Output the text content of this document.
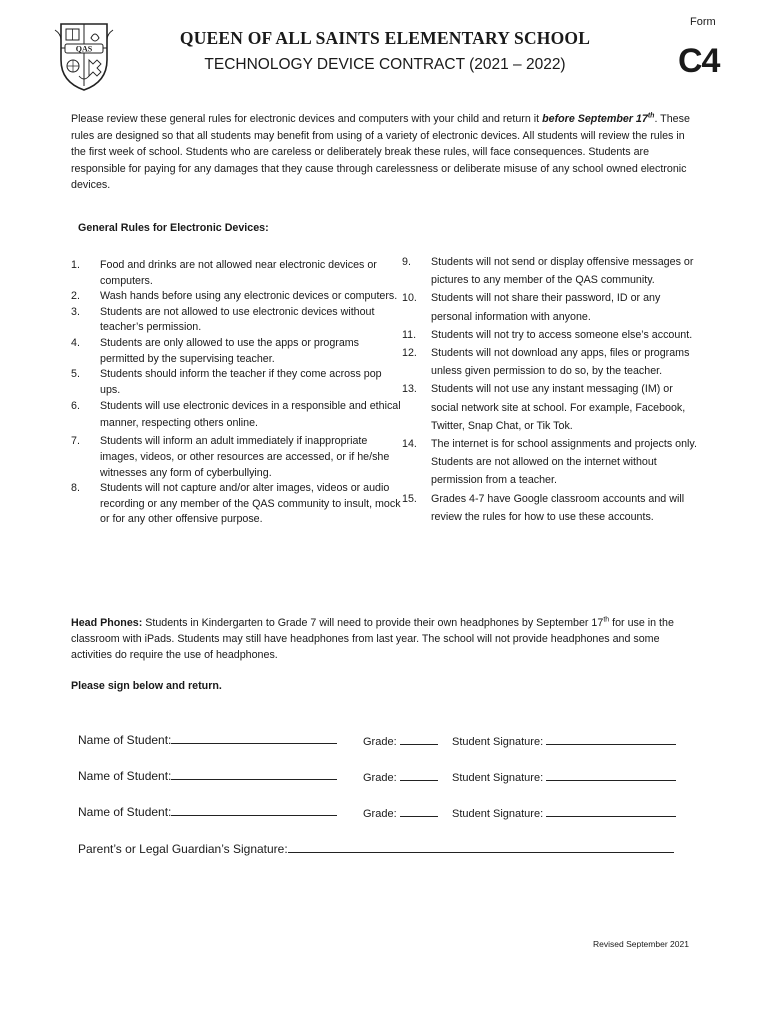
QAS
QUEEN OF ALL SAINTS ELEMENTARY SCHOOL
TECHNOLOGY DEVICE CONTRACT (2021 – 2022)
Form
C4
Please review these general rules for electronic devices and computers with your child and return it before September 17th. These rules are designed so that all students may benefit from using of a variety of electronic devices. All students will review the rules in the first week of school. Students who are careless or deliberately break these rules, will face consequences. Students are responsible for paying for any damages that they cause through carelessness or deliberate misuse of any school owned electronic devices.
General Rules for Electronic Devices:
1.	Food and drinks are not allowed near electronic devices or computers.
2.	Wash hands before using any electronic devices or computers.
3.	Students are not allowed to use electronic devices without teacher’s permission.
4.	Students are only allowed to use the apps or programs permitted by the supervising teacher.
5.	Students should inform the teacher if they come across pop ups.
6.	Students will use electronic devices in a responsible and ethical manner, respecting others online.
7.	Students will inform an adult immediately if inappropriate images, videos, or other resources are accessed, or if he/she witnesses any form of cyberbullying.
8.	Students will not capture and/or alter images, videos or audio recording or any member of the QAS community to insult, mock or for any other offensive purpose.
9.	Students will not send or display offensive messages or pictures to any member of the QAS community.
10.	Students will not share their password, ID or any personal information with anyone.
11.	Students will not try to access someone else’s account.
12.	Students will not download any apps, files or programs unless given permission to do so, by the teacher.
13.	Students will not use any instant messaging (IM) or social network site at school. For example, Facebook, Twitter, Snap Chat, or Tik Tok.
14.	The internet is for school assignments and projects only. Students are not allowed on the internet without permission from a teacher.
15.	Grades 4-7 have Google classroom accounts and will review the rules for how to use these accounts.
Head Phones: Students in Kindergarten to Grade 7 will need to provide their own headphones by September 17th for use in the classroom with iPads. Students may still have headphones from last year. The school will not provide headphones and some activities do require the use of headphones.
Please sign below and return.
Name of Student:	Grade:	Student Signature:
Name of Student:	Grade:	Student Signature:
Name of Student:	Grade:	Student Signature:
Parent’s or Legal Guardian’s Signature:
Revised September 2021
